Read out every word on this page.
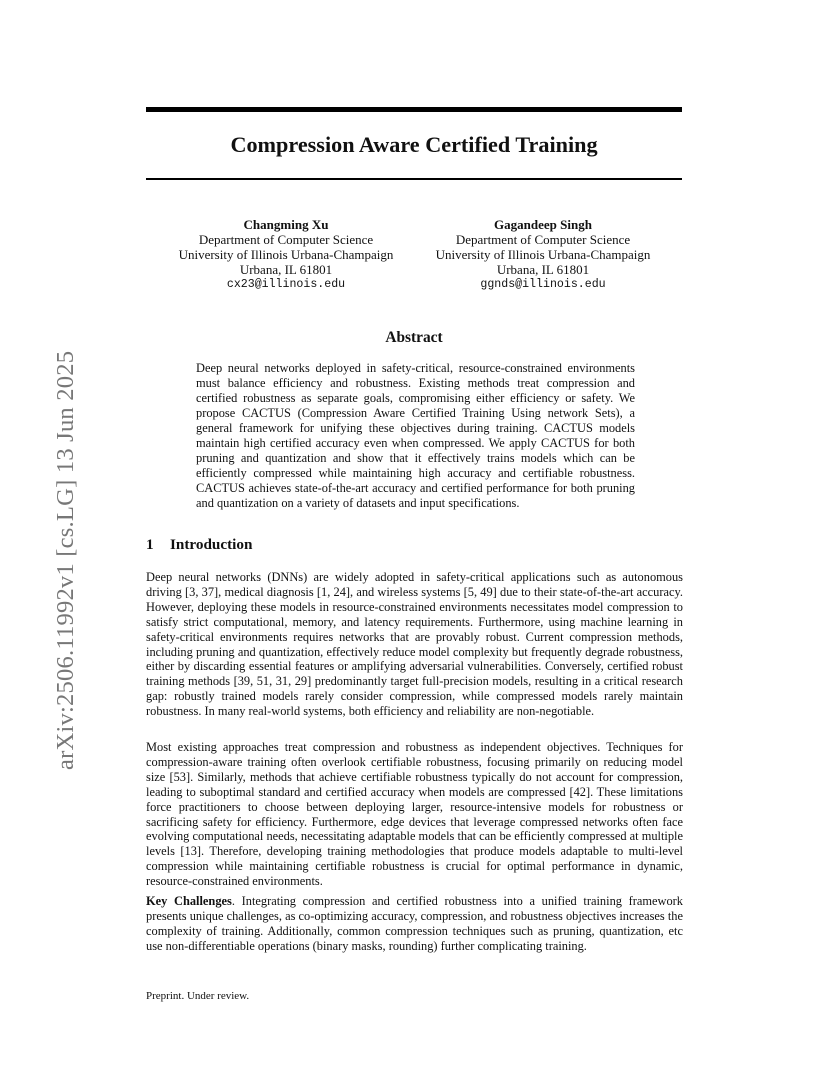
arXiv:2506.11992v1 [cs.LG] 13 Jun 2025
Compression Aware Certified Training
Changming Xu
Department of Computer Science
University of Illinois Urbana-Champaign
Urbana, IL 61801
cx23@illinois.edu
Gagandeep Singh
Department of Computer Science
University of Illinois Urbana-Champaign
Urbana, IL 61801
ggnds@illinois.edu
Abstract

Deep neural networks deployed in safety-critical, resource-constrained environments must balance efficiency and robustness. Existing methods treat compression and certified robustness as separate goals, compromising either efficiency or safety. We propose CACTUS (Compression Aware Certified Training Using network Sets), a general framework for unifying these objectives during training. CACTUS models maintain high certified accuracy even when compressed. We apply CACTUS for both pruning and quantization and show that it effectively trains models which can be efficiently compressed while maintaining high accuracy and certifiable robustness. CACTUS achieves state-of-the-art accuracy and certified performance for both pruning and quantization on a variety of datasets and input specifications.

1 Introduction

Deep neural networks (DNNs) are widely adopted in safety-critical applications such as autonomous driving [3, 37], medical diagnosis [1, 24], and wireless systems [5, 49] due to their state-of-the-art accuracy. However, deploying these models in resource-constrained environments necessitates model compression to satisfy strict computational, memory, and latency requirements. Furthermore, using machine learning in safety-critical environments requires networks that are provably robust. Current compression methods, including pruning and quantization, effectively reduce model complexity but frequently degrade robustness, either by discarding essential features or amplifying adversarial vulnerabilities. Conversely, certified robust training methods [39, 51, 31, 29] predominantly target full-precision models, resulting in a critical research gap: robustly trained models rarely consider compression, while compressed models rarely maintain robustness. In many real-world systems, both efficiency and reliability are non-negotiable.

Most existing approaches treat compression and robustness as independent objectives. Techniques for compression-aware training often overlook certifiable robustness, focusing primarily on reducing model size [53]. Similarly, methods that achieve certifiable robustness typically do not account for compression, leading to suboptimal standard and certified accuracy when models are compressed [42]. These limitations force practitioners to choose between deploying larger, resource-intensive models for robustness or sacrificing safety for efficiency. Furthermore, edge devices that leverage compressed networks often face evolving computational needs, necessitating adaptable models that can be efficiently compressed at multiple levels [13]. Therefore, developing training methodologies that produce models adaptable to multi-level compression while maintaining certifiable robustness is crucial for optimal performance in dynamic, resource-constrained environments.

Key Challenges. Integrating compression and certified robustness into a unified training framework presents unique challenges, as co-optimizing accuracy, compression, and robustness objectives increases the complexity of training. Additionally, common compression techniques such as pruning, quantization, etc use non-differentiable operations (binary masks, rounding) further complicating training.

Preprint. Under review.
